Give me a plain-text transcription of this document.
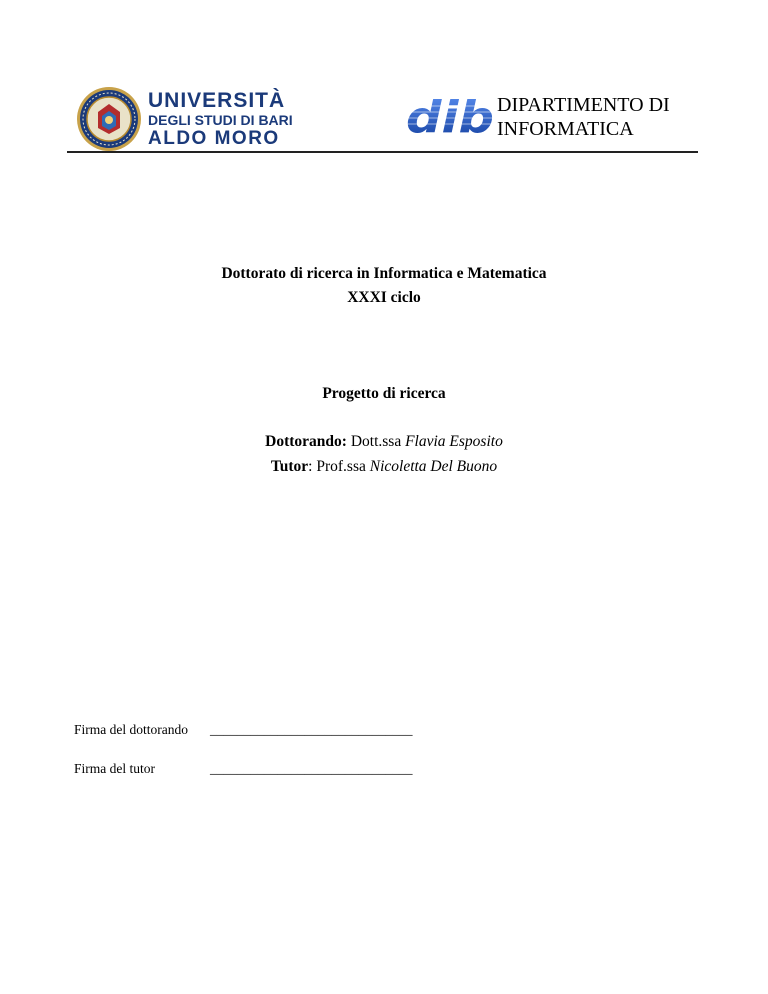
UNIVERSITÀ
DEGLI STUDI DI BARI
ALDO MORO	dib DIPARTIMENTO DI
INFORMATICA
Dottorato di ricerca in Informatica e Matematica
XXXI ciclo
Progetto di ricerca
Dottorando: Dott.ssa Flavia Esposito
Tutor: Prof.ssa Nicoletta Del Buono
Firma del dottorando ______________________________
Firma del tutor	______________________________
